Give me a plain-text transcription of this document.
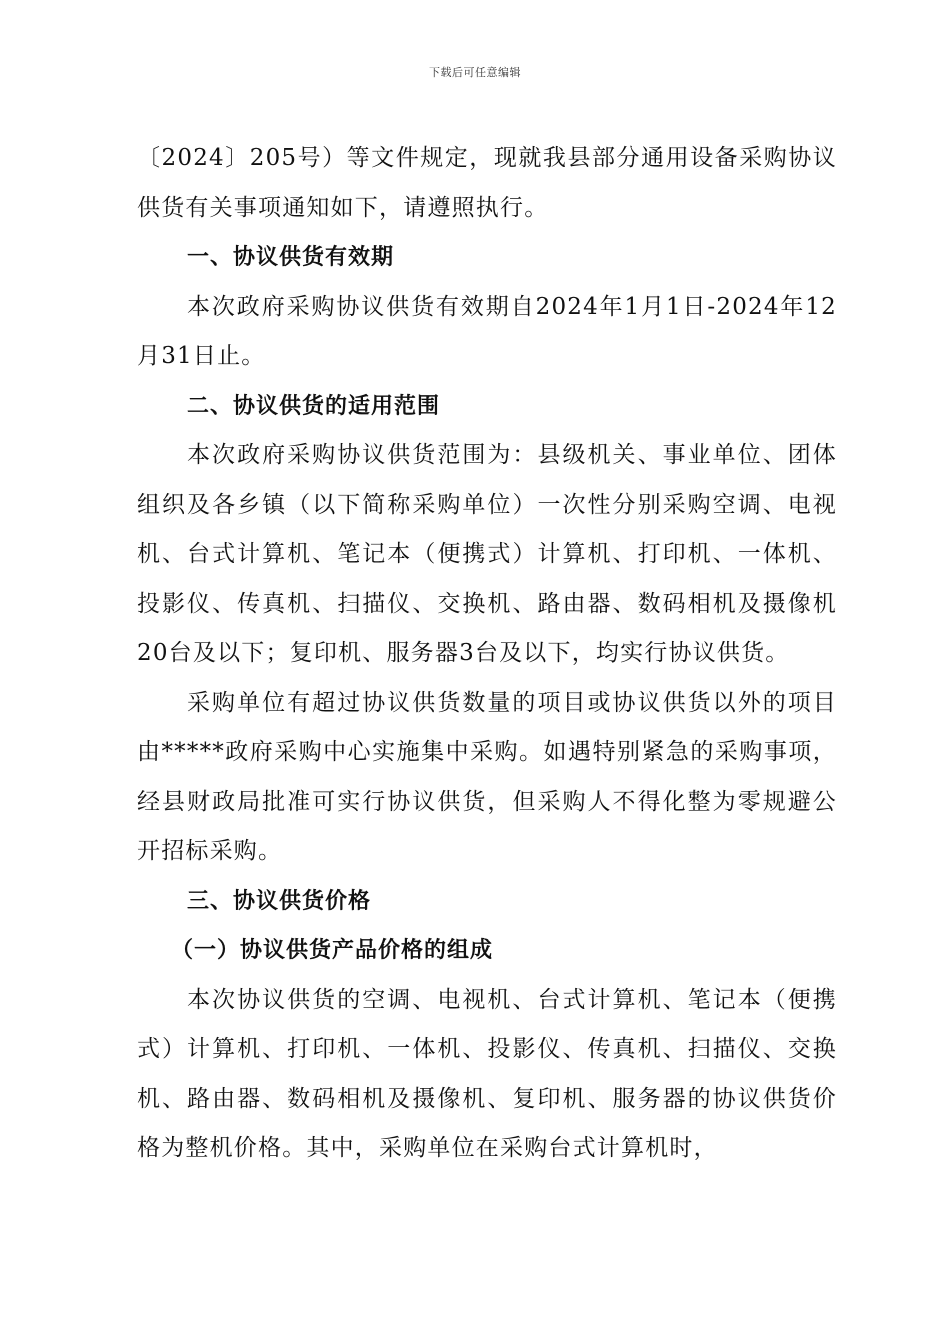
下载后可任意编辑

〔2024〕205号）等文件规定，现就我县部分通用设备采购协议供货有关事项通知如下，请遵照执行。

一、协议供货有效期

本次政府采购协议供货有效期自2024年1月1日-2024年12月31日止。

二、协议供货的适用范围

本次政府采购协议供货范围为：县级机关、事业单位、团体组织及各乡镇（以下简称采购单位）一次性分别采购空调、电视机、台式计算机、笔记本（便携式）计算机、打印机、一体机、投影仪、传真机、扫描仪、交换机、路由器、数码相机及摄像机20台及以下；复印机、服务器3台及以下，均实行协议供货。

采购单位有超过协议供货数量的项目或协议供货以外的项目由*****政府采购中心实施集中采购。如遇特别紧急的采购事项，经县财政局批准可实行协议供货，但采购人不得化整为零规避公开招标采购。

三、协议供货价格

（一）协议供货产品价格的组成

本次协议供货的空调、电视机、台式计算机、笔记本（便携式）计算机、打印机、一体机、投影仪、传真机、扫描仪、交换机、路由器、数码相机及摄像机、复印机、服务器的协议供货价格为整机价格。其中，采购单位在采购台式计算机时，
